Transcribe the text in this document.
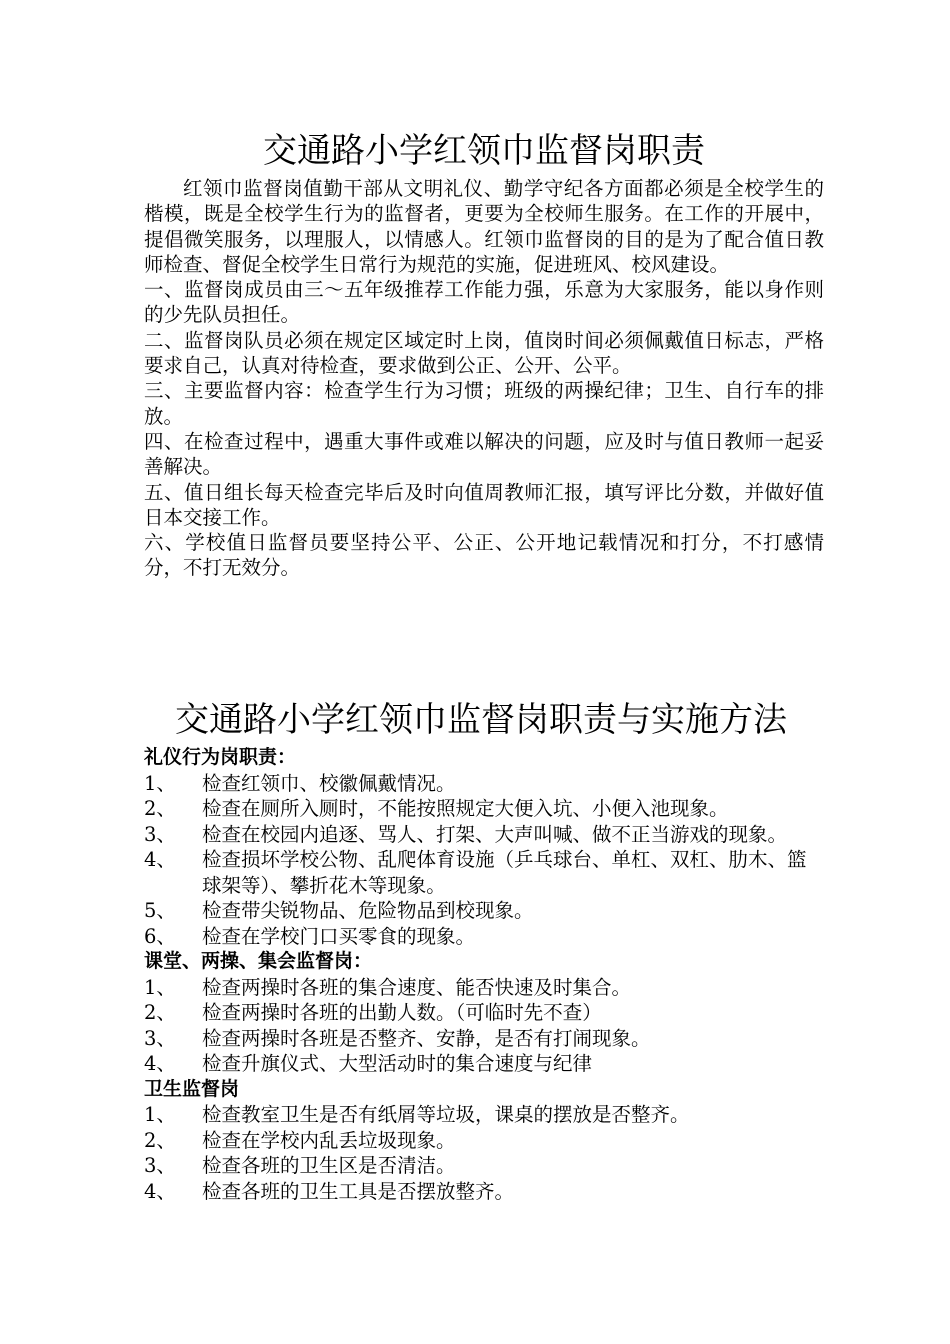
交通路小学红领巾监督岗职责

红领巾监督岗值勤干部从文明礼仪、勤学守纪各方面都必须是全校学生的楷模，既是全校学生行为的监督者，更要为全校师生服务。在工作的开展中，提倡微笑服务，以理服人，以情感人。红领巾监督岗的目的是为了配合值日教师检查、督促全校学生日常行为规范的实施，促进班风、校风建设。

一、监督岗成员由三～五年级推荐工作能力强，乐意为大家服务，能以身作则的少先队员担任。

二、监督岗队员必须在规定区域定时上岗，值岗时间必须佩戴值日标志，严格要求自己，认真对待检查，要求做到公正、公开、公平。

三、主要监督内容：检查学生行为习惯；班级的两操纪律；卫生、自行车的排放。

四、在检查过程中，遇重大事件或难以解决的问题，应及时与值日教师一起妥善解决。

五、值日组长每天检查完毕后及时向值周教师汇报，填写评比分数，并做好值日本交接工作。

六、学校值日监督员要坚持公平、公正、公开地记载情况和打分，不打感情分，不打无效分。

交通路小学红领巾监督岗职责与实施方法
礼仪行为岗职责：
1、	检查红领巾、校徽佩戴情况。
2、	检查在厕所入厕时，不能按照规定大便入坑、小便入池现象。
3、	检查在校园内追逐、骂人、打架、大声叫喊、做不正当游戏的现象。
4、	检查损坏学校公物、乱爬体育设施（乒乓球台、单杠、双杠、肋木、篮球架等）、攀折花木等现象。
5、	检查带尖锐物品、危险物品到校现象。
6、	检查在学校门口买零食的现象。
课堂、两操、集会监督岗：
1、	检查两操时各班的集合速度、能否快速及时集合。
2、	检查两操时各班的出勤人数。（可临时先不查）
3、	检查两操时各班是否整齐、安静，是否有打闹现象。
4、	检查升旗仪式、大型活动时的集合速度与纪律
卫生监督岗
1、	检查教室卫生是否有纸屑等垃圾，课桌的摆放是否整齐。
2、	检查在学校内乱丢垃圾现象。
3、	检查各班的卫生区是否清洁。
4、	检查各班的卫生工具是否摆放整齐。
